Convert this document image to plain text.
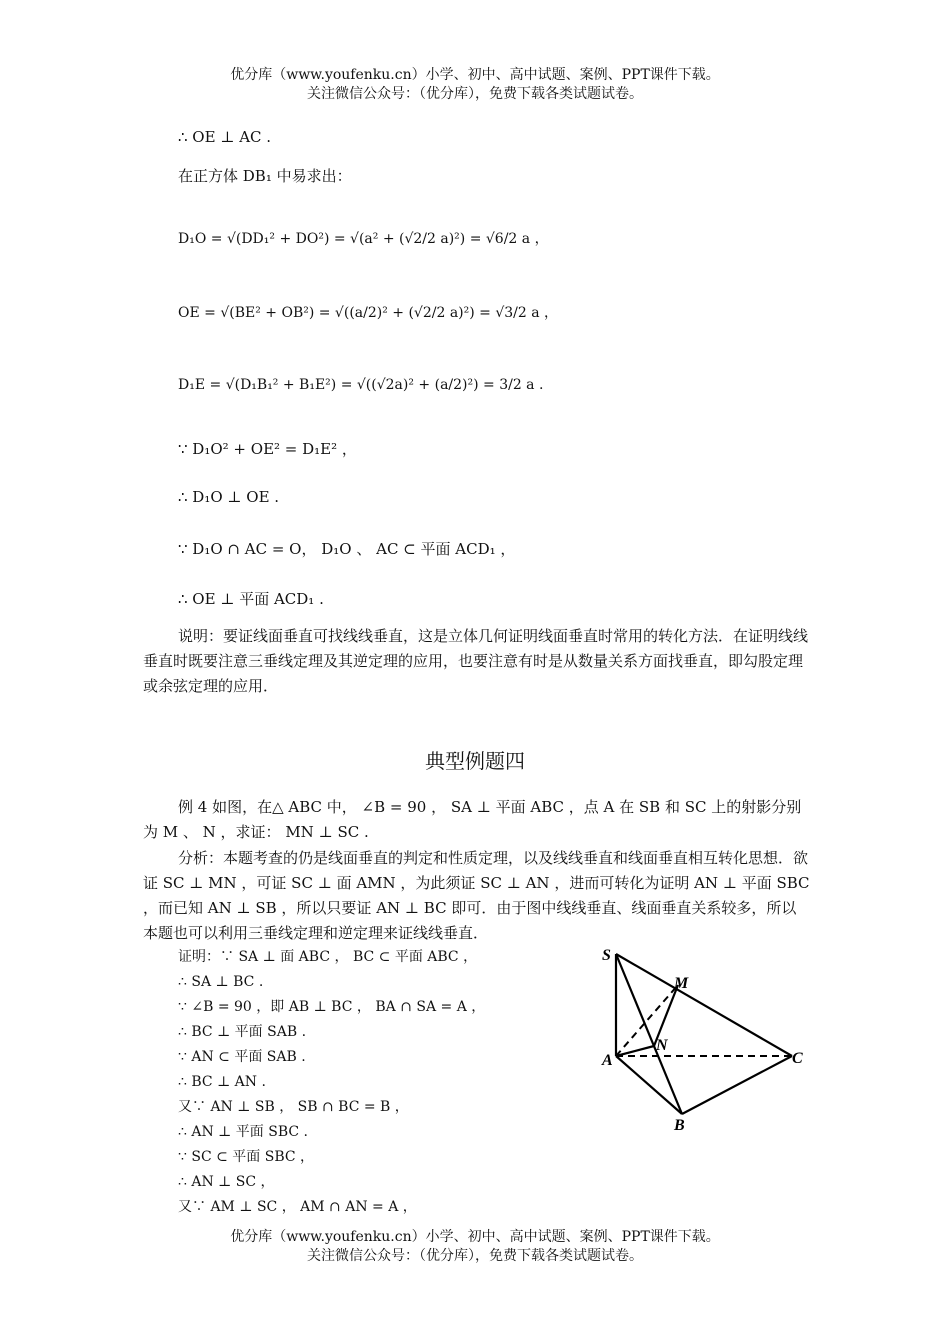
优分库（www.youfenku.cn）小学、初中、高中试题、案例、PPT课件下载。
关注微信公众号：（优分库），免费下载各类试题试卷。
∴ OE ⊥ AC .
在正方体 DB₁ 中易求出：
D₁O = √(DD₁² + DO²) = √(a² + (√2/2 a)²) = √6/2 a ，
OE = √(BE² + OB²) = √((a/2)² + (√2/2 a)²) = √3/2 a ，
D₁E = √(D₁B₁² + B₁E²) = √((√2a)² + (a/2)²) = 3/2 a .
∵ D₁O² + OE² = D₁E² ，
∴ D₁O ⊥ OE .
∵ D₁O ∩ AC = O， D₁O 、 AC ⊂ 平面 ACD₁ ，
∴ OE ⊥ 平面 ACD₁ .

说明：要证线面垂直可找线线垂直，这是立体几何证明线面垂直时常用的转化方法．在证明线线垂直时既要注意三垂线定理及其逆定理的应用，也要注意有时是从数量关系方面找垂直，即勾股定理或余弦定理的应用．

典型例题四

例 4 如图，在△ ABC 中， ∠B = 90 ， SA ⊥ 平面 ABC ，点 A 在 SB 和 SC 上的射影分别为 M 、 N ，求证： MN ⊥ SC .

分析：本题考查的仍是线面垂直的判定和性质定理，以及线线垂直和线面垂直相互转化思想．欲证 SC ⊥ MN ，可证 SC ⊥ 面 AMN ，为此须证 SC ⊥ AN ，进而可转化为证明 AN ⊥ 平面 SBC ，而已知 AN ⊥ SB ，所以只要证 AN ⊥ BC 即可．由于图中线线垂直、线面垂直关系较多，所以本题也可以利用三垂线定理和逆定理来证线线垂直．

证明：∵ SA ⊥ 面 ABC ， BC ⊂ 平面 ABC ，
∴ SA ⊥ BC .
∵ ∠B = 90 ，即 AB ⊥ BC ， BA ∩ SA = A ，
∴ BC ⊥ 平面 SAB .
∵ AN ⊂ 平面 SAB .
∴ BC ⊥ AN .
又∵ AN ⊥ SB ， SB ∩ BC = B ，
∴ AN ⊥ 平面 SBC .
∵ SC ⊂ 平面 SBC ，
∴ AN ⊥ SC ，
又∵ AM ⊥ SC ， AM ∩ AN = A ，
S
M
N
A	C
B
优分库（www.youfenku.cn）小学、初中、高中试题、案例、PPT课件下载。
关注微信公众号：（优分库），免费下载各类试题试卷。
